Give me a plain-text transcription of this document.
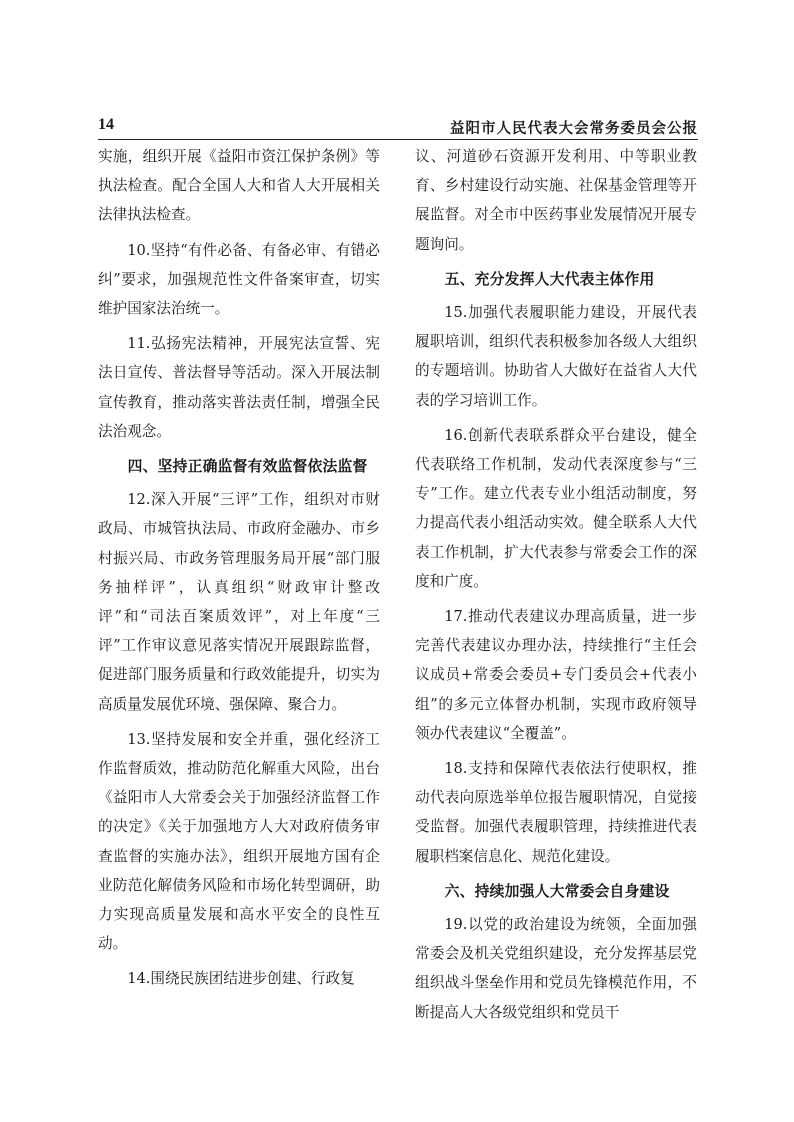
14	益阳市人民代表大会常务委员会公报

实施，组织开展《益阳市资江保护条例》等执法检查。配合全国人大和省人大开展相关法律执法检查。

10.坚持“有件必备、有备必审、有错必纠”要求，加强规范性文件备案审查，切实维护国家法治统一。

11.弘扬宪法精神，开展宪法宣誓、宪法日宣传、普法督导等活动。深入开展法制宣传教育，推动落实普法责任制，增强全民法治观念。

四、坚持正确监督有效监督依法监督

12.深入开展“三评”工作，组织对市财政局、市城管执法局、市政府金融办、市乡村振兴局、市政务管理服务局开展“部门服务抽样评”，认真组织“财政审计整改评”和“司法百案质效评”，对上年度“三评”工作审议意见落实情况开展跟踪监督，促进部门服务质量和行政效能提升，切实为高质量发展优环境、强保障、聚合力。

13.坚持发展和安全并重，强化经济工作监督质效，推动防范化解重大风险，出台《益阳市人大常委会关于加强经济监督工作的决定》《关于加强地方人大对政府债务审查监督的实施办法》，组织开展地方国有企业防范化解债务风险和市场化转型调研，助力实现高质量发展和高水平安全的良性互动。

14.围绕民族团结进步创建、行政复

议、河道砂石资源开发利用、中等职业教育、乡村建设行动实施、社保基金管理等开展监督。对全市中医药事业发展情况开展专题询问。

五、充分发挥人大代表主体作用

15.加强代表履职能力建设，开展代表履职培训，组织代表积极参加各级人大组织的专题培训。协助省人大做好在益省人大代表的学习培训工作。

16.创新代表联系群众平台建设，健全代表联络工作机制，发动代表深度参与“三专”工作。建立代表专业小组活动制度，努力提高代表小组活动实效。健全联系人大代表工作机制，扩大代表参与常委会工作的深度和广度。

17.推动代表建议办理高质量，进一步完善代表建议办理办法，持续推行“主任会议成员+常委会委员+专门委员会+代表小组”的多元立体督办机制，实现市政府领导领办代表建议“全覆盖”。

18.支持和保障代表依法行使职权，推动代表向原选举单位报告履职情况，自觉接受监督。加强代表履职管理，持续推进代表履职档案信息化、规范化建设。

六、持续加强人大常委会自身建设

19.以党的政治建设为统领，全面加强常委会及机关党组织建设，充分发挥基层党组织战斗堡垒作用和党员先锋模范作用，不断提高人大各级党组织和党员干
